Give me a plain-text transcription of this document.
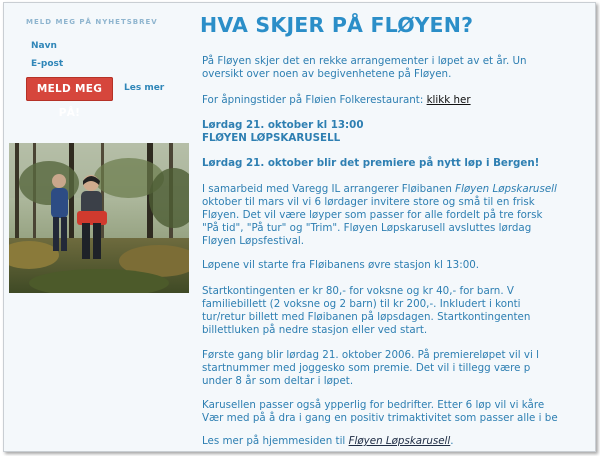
MELD MEG PÅ NYHETSBREV
Navn
E-post
MELD MEG PÅ!
Les mer
HVA SKJER PÅ FLØYEN?
På Fløyen skjer det en rekke arrangementer i løpet av et år. Un
oversikt over noen av begivenhetene på Fløyen.
For åpningstider på Fløien Folkerestaurant: klikk her
Lørdag 21. oktober kl 13:00
FLØYEN LØPSKARUSELL
Lørdag 21. oktober blir det premiere på nytt løp i Bergen!
I samarbeid med Varegg IL arrangerer Fløibanen Fløyen Løpskarusell
oktober til mars vil vi 6 lørdager invitere store og små til en frisk
Fløyen. Det vil være løyper som passer for alle fordelt på tre forsk
"På tid", "På tur" og "Trim". Fløyen Løpskarusell avsluttes lørdag
Fløyen Løpsfestival.
Løpene vil starte fra Fløibanens øvre stasjon kl 13:00.
Startkontingenten er kr 80,- for voksne og kr 40,- for barn. V
familiebillett (2 voksne og 2 barn) til kr 200,-. Inkludert i konti
tur/retur billett med Fløibanen på løpsdagen. Startkontingenten
billettluken på nedre stasjon eller ved start.
Første gang blir lørdag 21. oktober 2006. På premiereløpet vil vi l
startnummer med joggesko som premie. Det vil i tillegg være p
under 8 år som deltar i løpet.
Karusellen passer også ypperlig for bedrifter. Etter 6 løp vil vi kåre
Vær med på å dra i gang en positiv trimaktivitet som passer alle i be
Les mer på hjemmesiden til Fløyen Løpskarusell.
